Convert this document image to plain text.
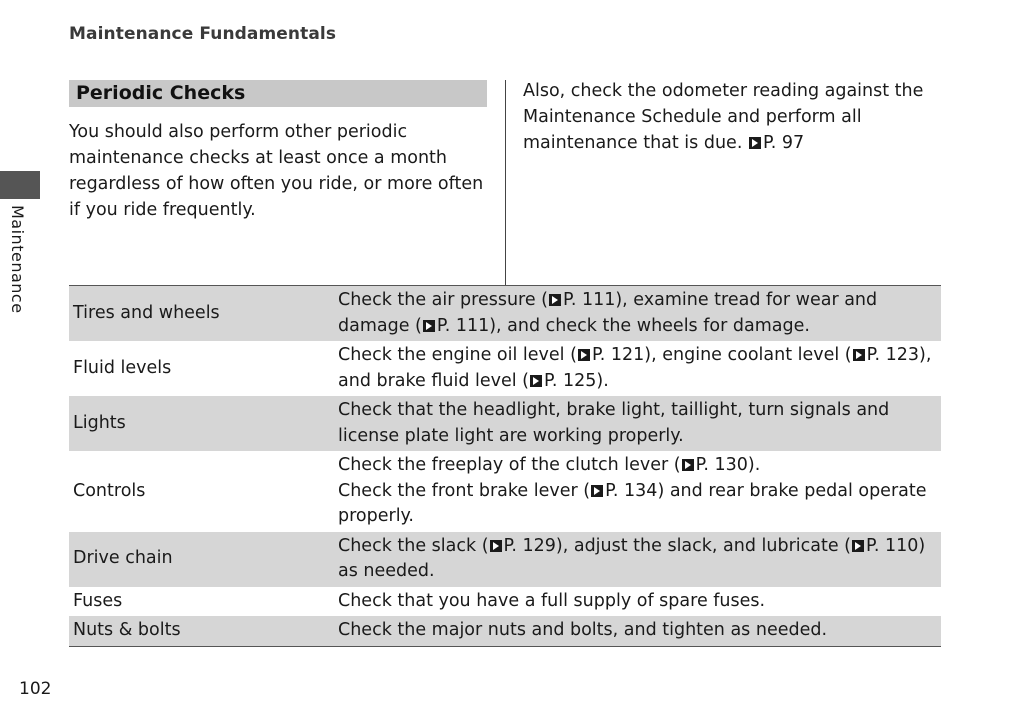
Maintenance Fundamentals
Maintenance
Periodic Checks
You should also perform other periodic maintenance checks at least once a month regardless of how often you ride, or more often if you ride frequently.
Also, check the odometer reading against the Maintenance Schedule and perform all maintenance that is due. P. 97
Tires and wheels	Check the air pressure ( P. 111), examine tread for wear and damage ( P. 111), and check the wheels for damage.
Fluid levels	Check the engine oil level ( P. 121), engine coolant level ( P. 123), and brake fluid level ( P. 125).
Lights	Check that the headlight, brake light, taillight, turn signals and license plate light are working properly.
Controls	Check the freeplay of the clutch lever ( P. 130).
Check the front brake lever ( P. 134) and rear brake pedal operate properly.
Drive chain	Check the slack ( P. 129), adjust the slack, and lubricate ( P. 110) as needed.
Fuses	Check that you have a full supply of spare fuses.
Nuts & bolts	Check the major nuts and bolts, and tighten as needed.
102
